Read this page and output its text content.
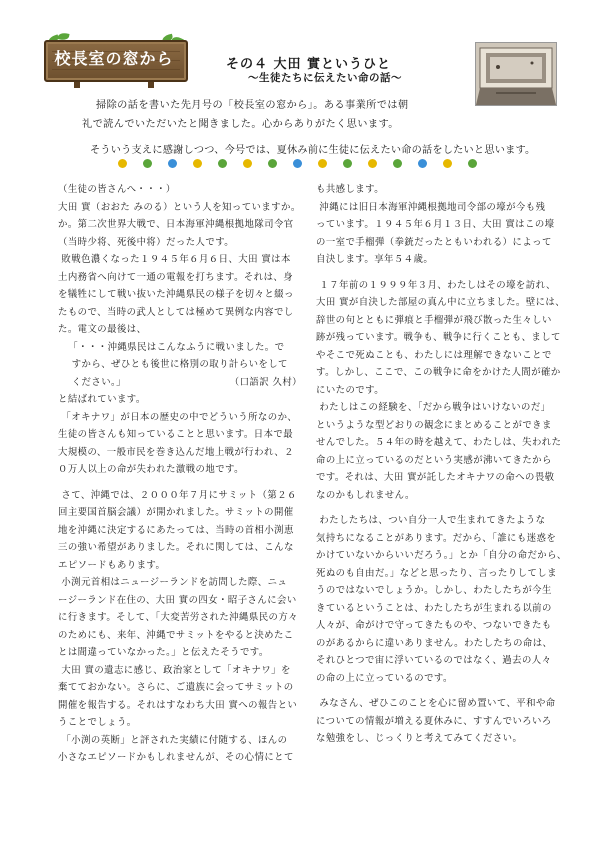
校長室の窓から	その４ 大田 實というひと
～生徒たちに伝えたい命の話～
掃除の話を書いた先月号の「校長室の窓から」。ある事業所では朝
礼で読んでいただいたと聞きました。心からありがたく思います。
そういう支えに感謝しつつ、今号では、夏休み前に生徒に伝えたい命の話をしたいと思います。

（生徒の皆さんへ・・・）

大田 實（おおた みのる）という人を知っていますか。

か。第二次世界大戦で、日本海軍沖縄根拠地隊司令官

（当時少将、死後中将）だった人です。

敗戦色濃くなった１９４５年６月６日、大田 實は本

土内務省へ向けて一通の電報を打ちます。それは、身

を犠牲にして戦い抜いた沖縄県民の様子を切々と綴っ

たもので、当時の武人としては極めて異例な内容でし

た。電文の最後は、

「・・・沖縄県民はこんなふうに戦いました。で

すから、ぜひとも後世に格別の取り計らいをして

ください。」	（口語訳 久村）

と結ばれています。

「オキナワ」が日本の歴史の中でどういう所なのか、

生徒の皆さんも知っていることと思います。日本で最

大規模の、一般市民を巻き込んだ地上戦が行われ、２

０万人以上の命が失われた激戦の地です。

さて、沖縄では、２０００年７月にサミット（第２６

回主要国首脳会議）が開かれました。サミットの開催

地を沖縄に決定するにあたっては、当時の首相小渕恵

三の強い希望がありました。それに関しては、こんな

エピソードもあります。

小渕元首相はニュージーランドを訪問した際、ニュ

ージーランド在住の、大田 實の四女・昭子さんに会い

に行きます。そして、「大変苦労された沖縄県民の方々

のためにも、来年、沖縄でサミットをやると決めたこ

とは間違っていなかった。」と伝えたそうです。

大田 實の遺志に感じ、政治家として「オキナワ」を

棄てておかない。さらに、ご遺族に会ってサミットの

開催を報告する。それはすなわち大田 實への報告とい

うことでしょう。

「小渕の英断」と評された実績に付随する、ほんの

小さなエピソードかもしれませんが、その心情にとて

も共感します。

沖縄には旧日本海軍沖縄根拠地司令部の壕が今も残

っています。１９４５年６月１３日、大田 實はこの壕

の一室で手榴弾（拳銃だったともいわれる）によって

自決します。享年５４歳。

１７年前の１９９９年３月、わたしはその壕を訪れ、

大田 實が自決した部屋の真ん中に立ちました。壁には、

辞世の句とともに弾痕と手榴弾が飛び散った生々しい

跡が残っています。戦争も、戦争に行くことも、まして

やそこで死ぬことも、わたしには理解できないことで

す。しかし、ここで、この戦争に命をかけた人間が確か

にいたのです。

わたしはこの経験を、「だから戦争はいけないのだ」

というような型どおりの観念にまとめることができま

せんでした。５４年の時を越えて、わたしは、失われた

命の上に立っているのだという実感が沸いてきたから

です。それは、大田 實が託したオキナワの命への畏敬

なのかもしれません。

わたしたちは、つい自分一人で生まれてきたような

気持ちになることがあります。だから、「誰にも迷惑を

かけていないからいいだろう。」とか「自分の命だから、

死ぬのも自由だ。」などと思ったり、言ったりしてしま

うのではないでしょうか。しかし、わたしたちが今生

きているということは、わたしたちが生まれる以前の

人々が、命がけで守ってきたものや、つないできたも

のがあるからに違いありません。わたしたちの命は、

それひとつで宙に浮いているのではなく、過去の人々

の命の上に立っているのです。

みなさん、ぜひこのことを心に留め置いて、平和や命

についての情報が増える夏休みに、すすんでいろいろ

な勉強をし、じっくりと考えてみてください。
